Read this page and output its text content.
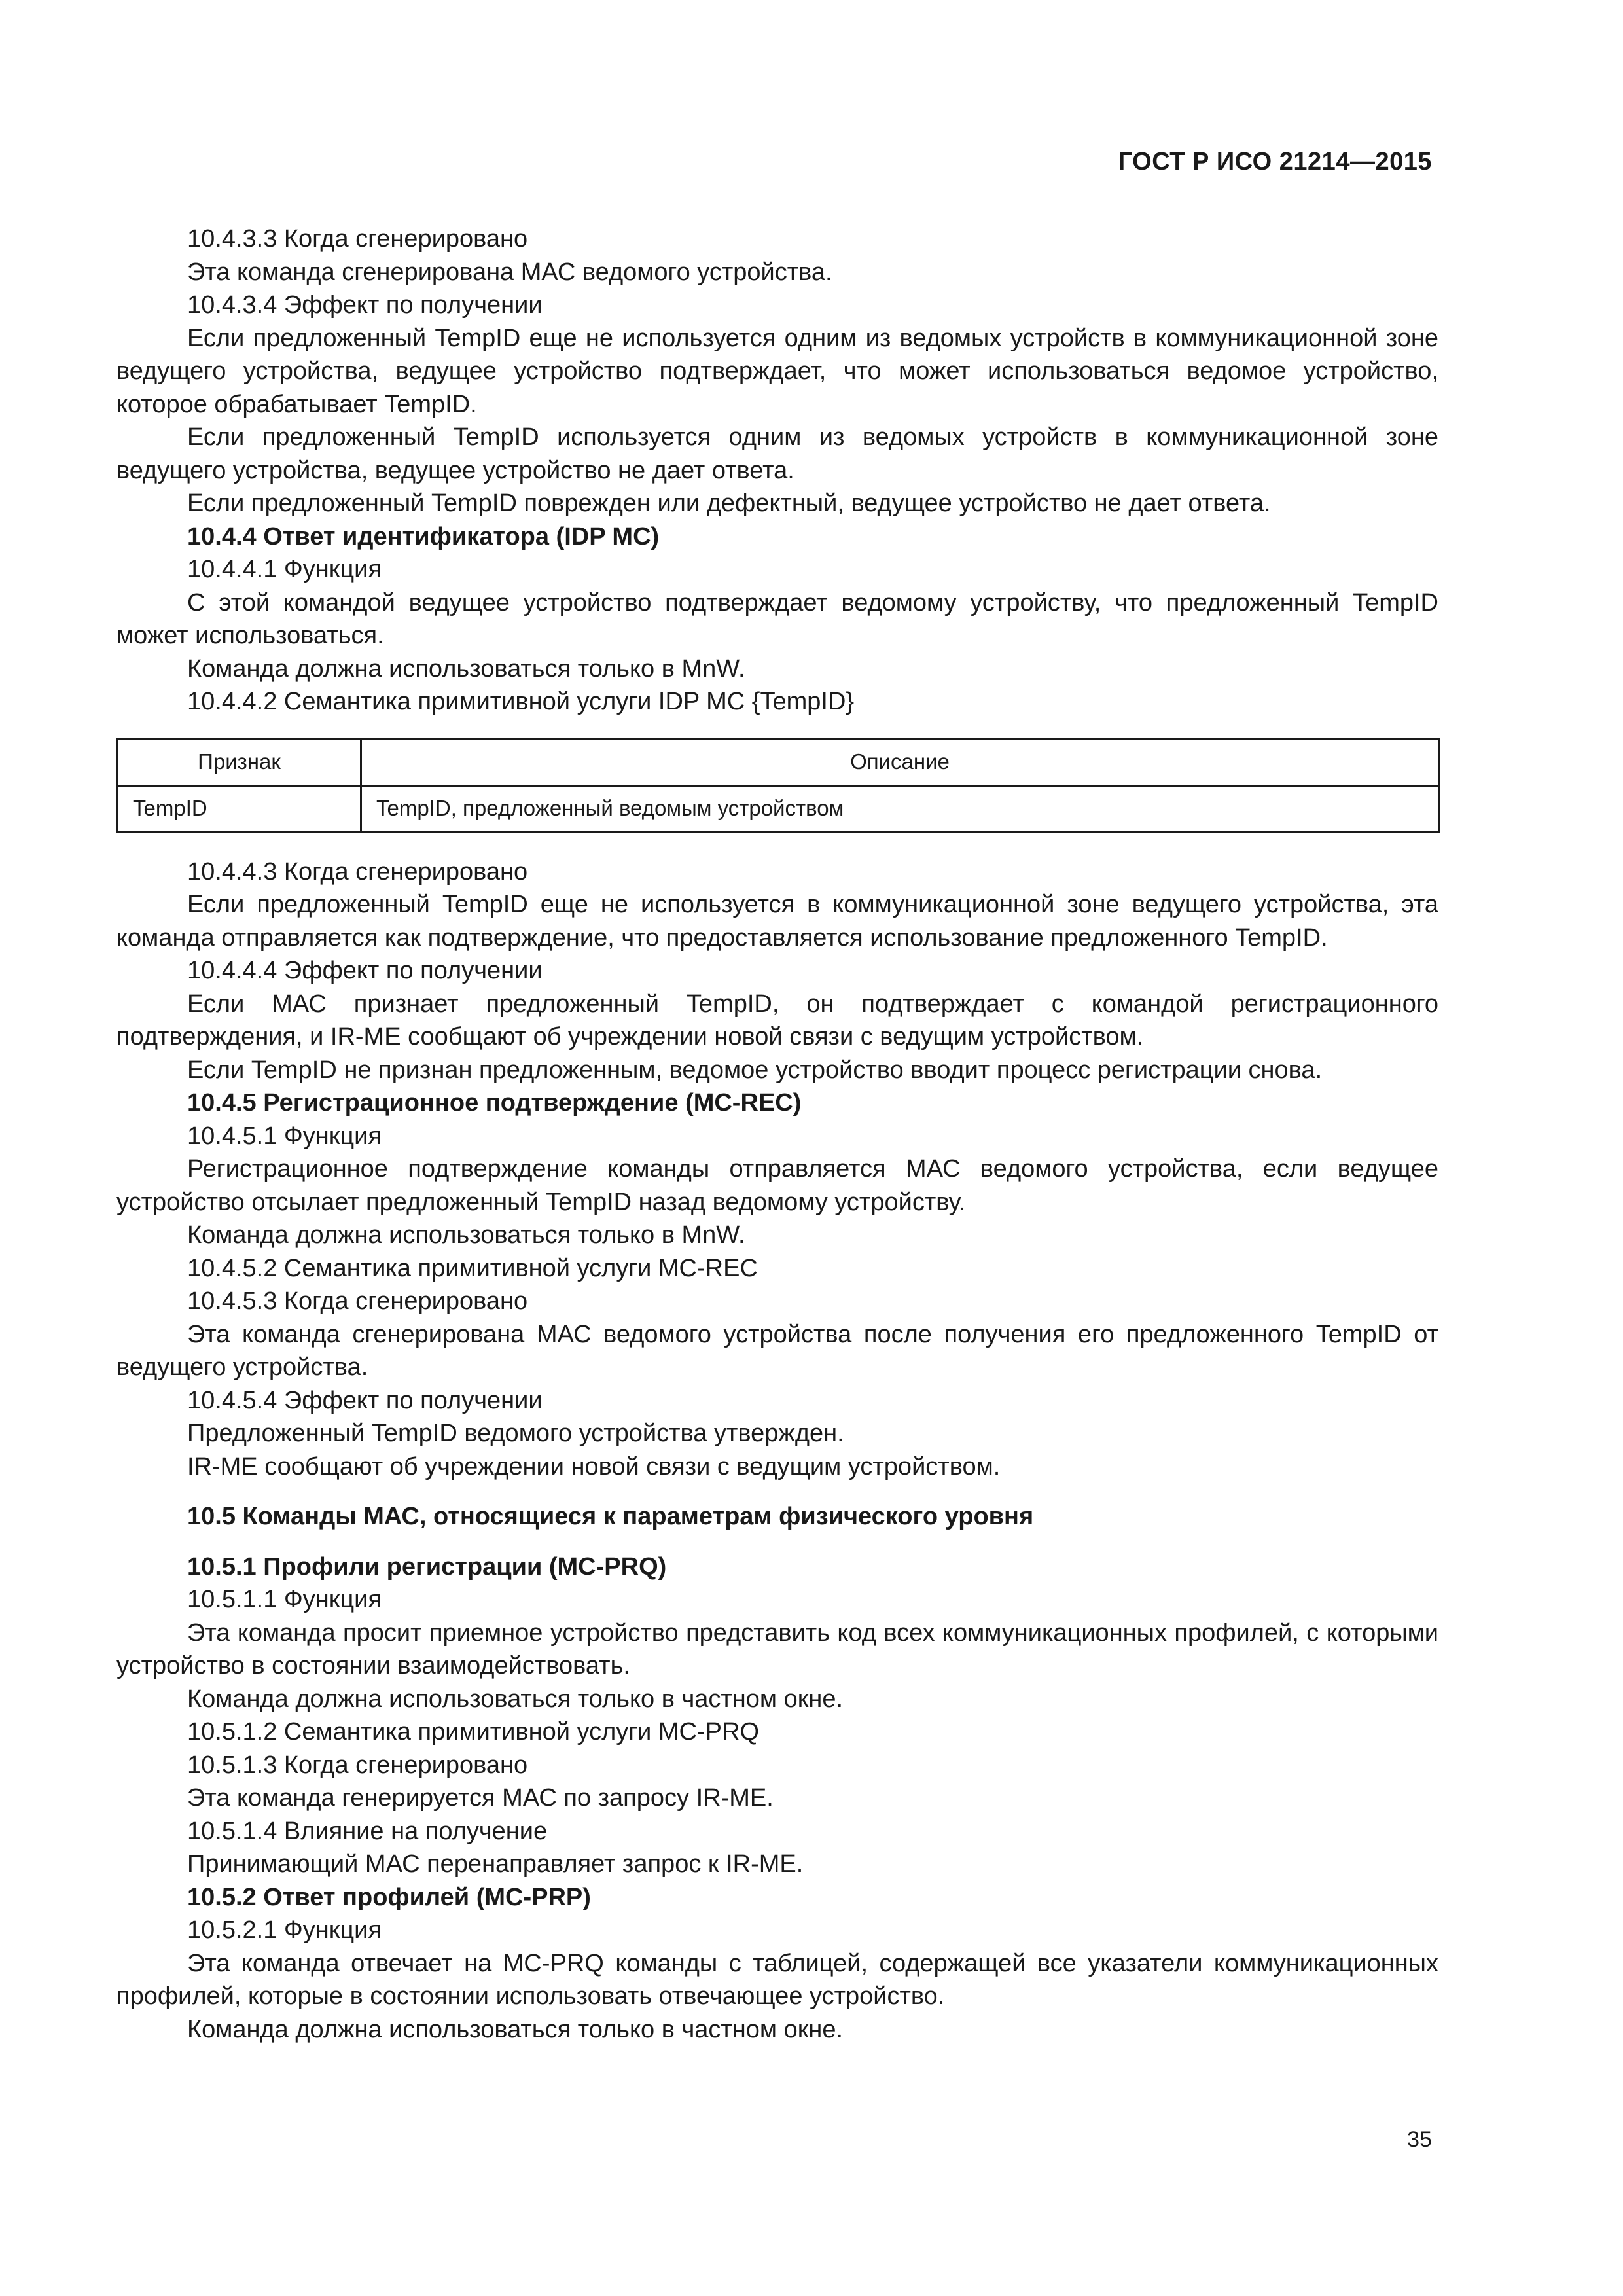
ГОСТ Р ИСО 21214—2015

10.4.3.3 Когда сгенерировано

Эта команда сгенерирована МАС ведомого устройства.

10.4.3.4 Эффект по получении

Если предложенный TempID еще не используется одним из ведомых устройств в коммуникационной зоне ведущего устройства, ведущее устройство подтверждает, что может использоваться ведомое устройство, которое обрабатывает TempID.

Если предложенный TempID используется одним из ведомых устройств в коммуникационной зоне ведущего устройства, ведущее устройство не дает ответа.

Если предложенный TempID поврежден или дефектный, ведущее устройство не дает ответа.

10.4.4 Ответ идентификатора (IDP МС)

10.4.4.1 Функция

С этой командой ведущее устройство подтверждает ведомому устройству, что предложенный TempID может использоваться.

Команда должна использоваться только в MnW.

10.4.4.2 Семантика примитивной услуги IDP МС {TempID}

Признак	Описание
TempID	TempID, предложенный ведомым устройством

10.4.4.3 Когда сгенерировано

Если предложенный TempID еще не используется в коммуникационной зоне ведущего устройства, эта команда отправляется как подтверждение, что предоставляется использование предложенного TempID.

10.4.4.4 Эффект по получении

Если МАС признает предложенный TempID, он подтверждает с командой регистрационного подтверждения, и IR-ME сообщают об учреждении новой связи с ведущим устройством.

Если TempID не признан предложенным, ведомое устройство вводит процесс регистрации снова.

10.4.5 Регистрационное подтверждение (МС-REC)

10.4.5.1 Функция

Регистрационное подтверждение команды отправляется МАС ведомого устройства, если ведущее устройство отсылает предложенный TempID назад ведомому устройству.

Команда должна использоваться только в MnW.

10.4.5.2 Семантика примитивной услуги МС-REC

10.4.5.3 Когда сгенерировано

Эта команда сгенерирована МАС ведомого устройства после получения его предложенного TempID от ведущего устройства.

10.4.5.4 Эффект по получении

Предложенный TempID ведомого устройства утвержден.

IR-ME сообщают об учреждении новой связи с ведущим устройством.

10.5 Команды МАС, относящиеся к параметрам физического уровня

10.5.1 Профили регистрации (МС-PRQ)

10.5.1.1 Функция

Эта команда просит приемное устройство представить код всех коммуникационных профилей, с которыми устройство в состоянии взаимодействовать.

Команда должна использоваться только в частном окне.

10.5.1.2 Семантика примитивной услуги МС-PRQ

10.5.1.3 Когда сгенерировано

Эта команда генерируется МАС по запросу IR-ME.

10.5.1.4 Влияние на получение

Принимающий МАС перенаправляет запрос к IR-ME.

10.5.2 Ответ профилей (МС-PRP)

10.5.2.1 Функция

Эта команда отвечает на МС-PRQ команды с таблицей, содержащей все указатели коммуникационных профилей, которые в состоянии использовать отвечающее устройство.

Команда должна использоваться только в частном окне.

35
